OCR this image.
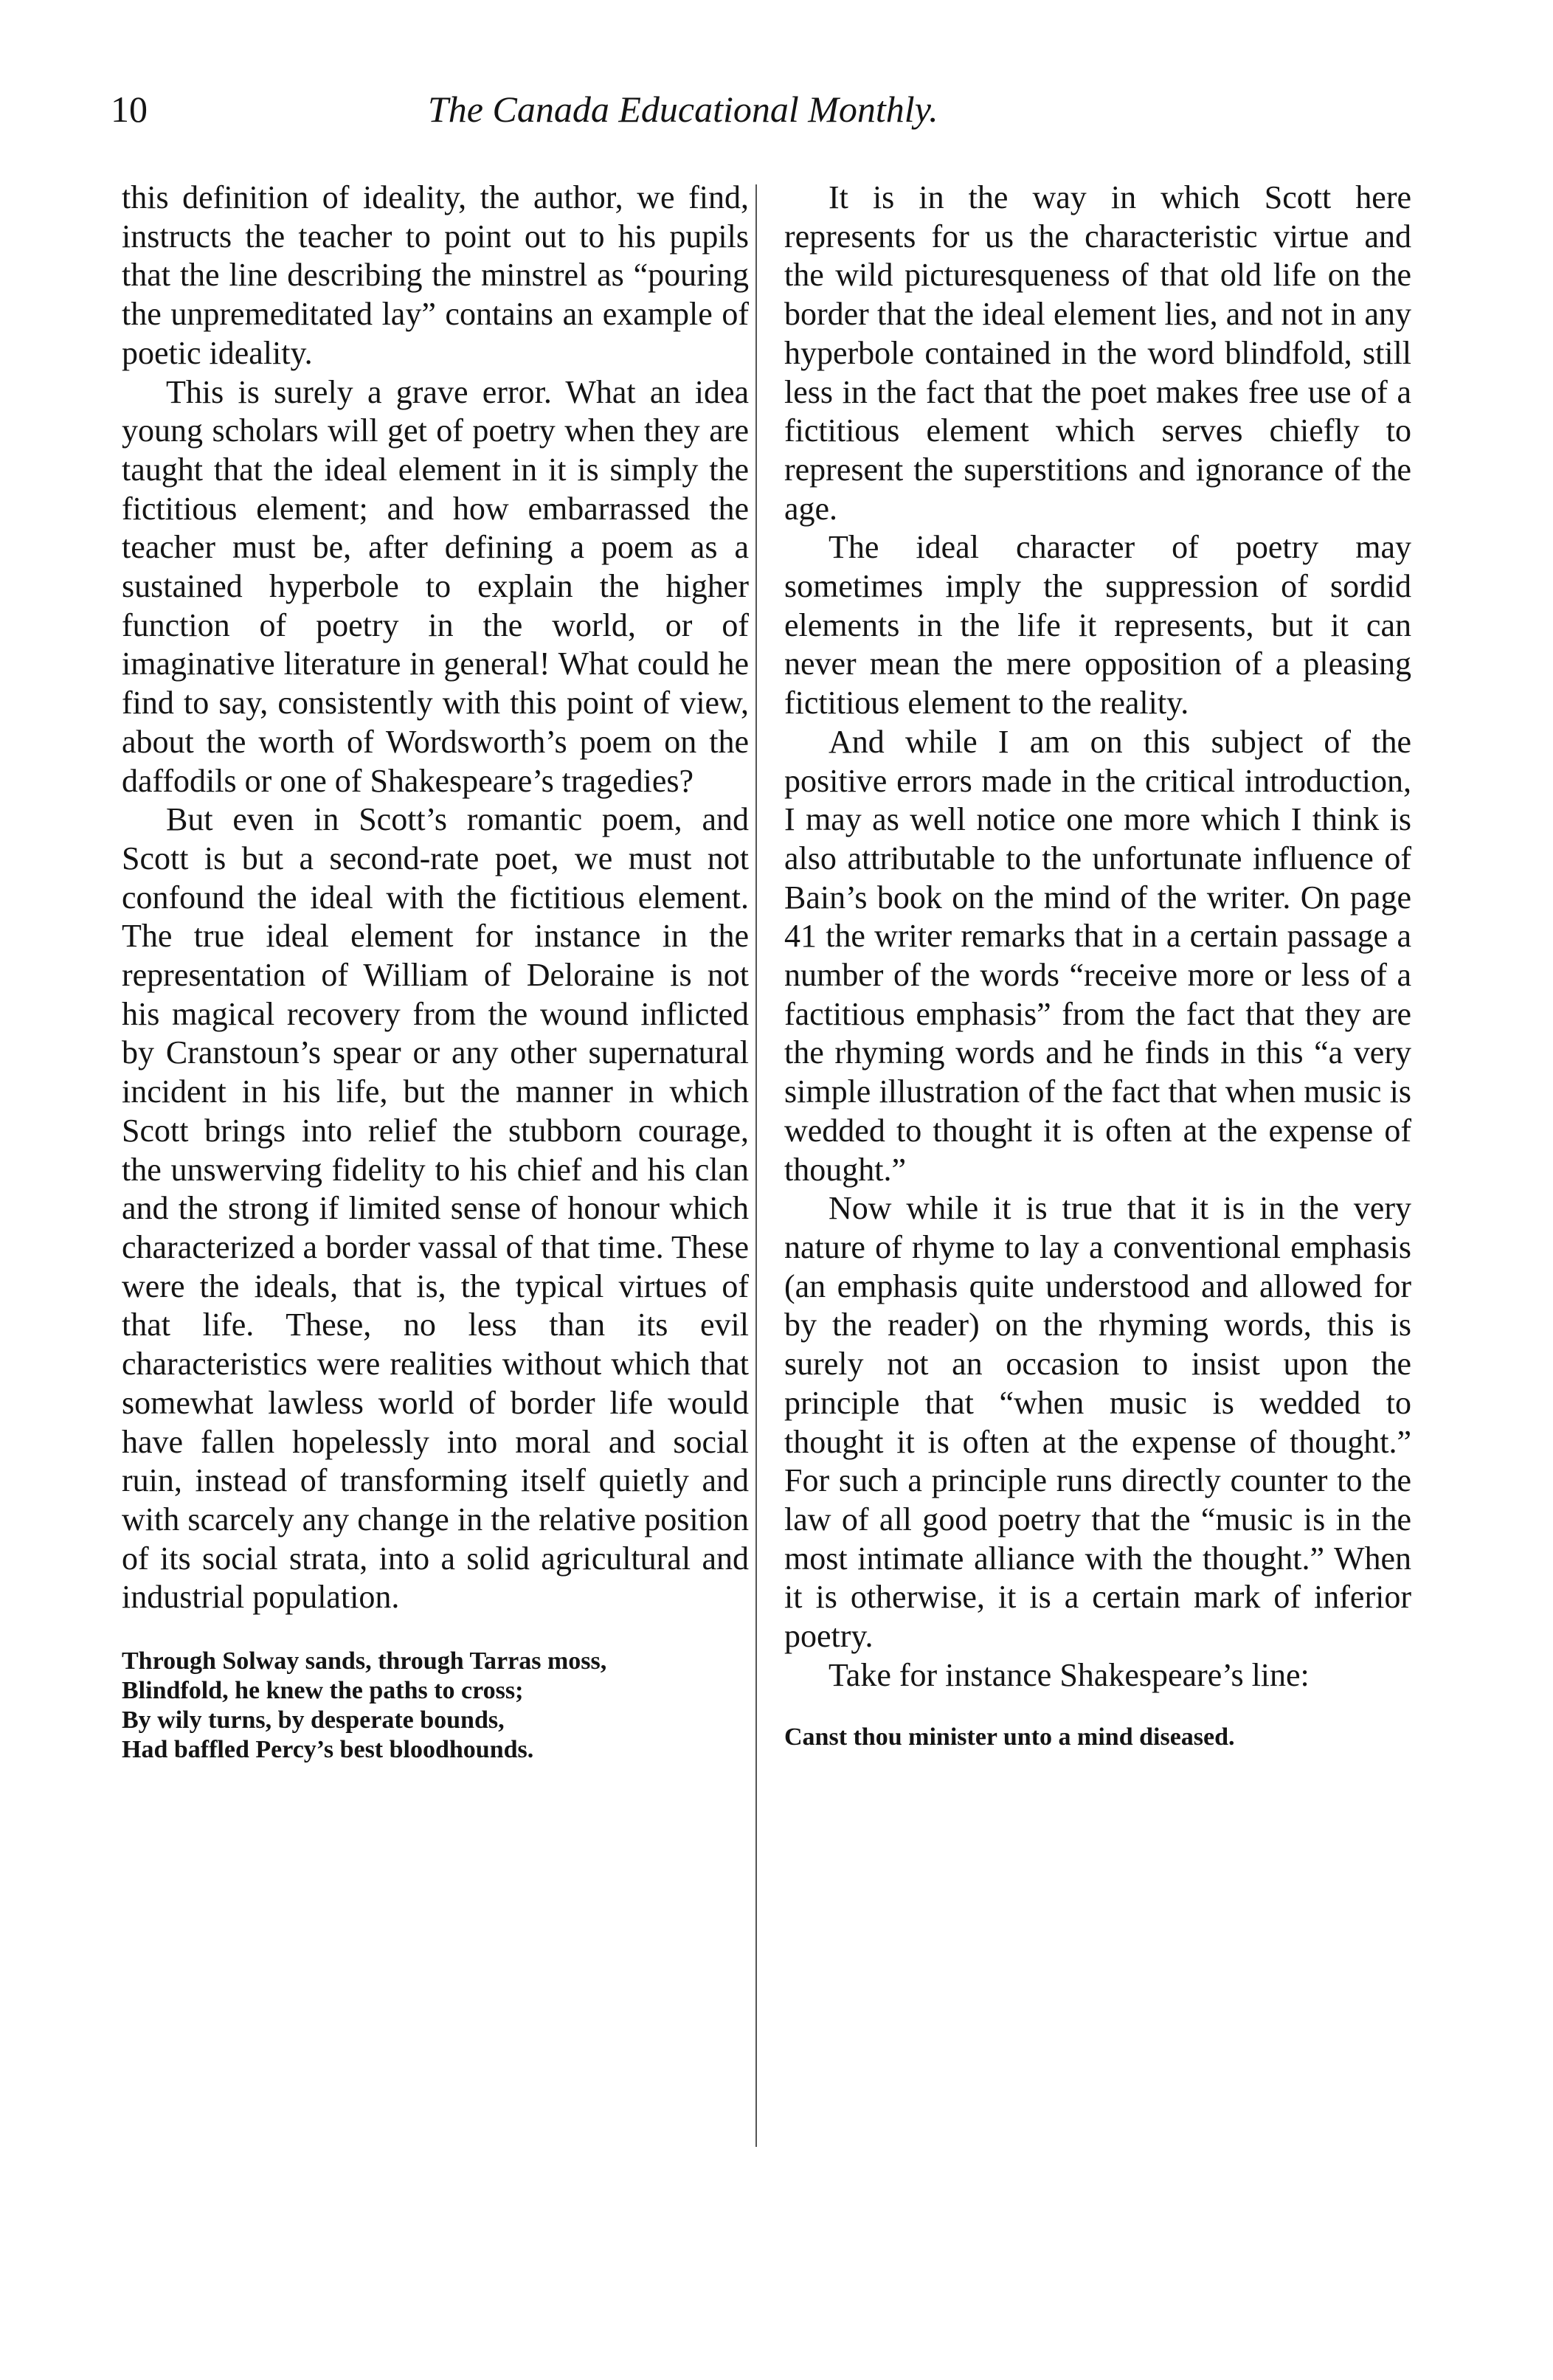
10	The Canada Educational Monthly.

this definition of ideality, the author, we find, instructs the teacher to point out to his pupils that the line describing the minstrel as “pouring the unpremeditated lay” contains an example of poetic ideality.

This is surely a grave error. What an idea young scholars will get of poetry when they are taught that the ideal element in it is simply the fictitious element; and how embarrassed the teacher must be, after defining a poem as a sustained hyperbole to explain the higher function of poetry in the world, or of imaginative literature in general! What could he find to say, consistently with this point of view, about the worth of Wordsworth’s poem on the daffodils or one of Shakespeare’s tragedies?

But even in Scott’s romantic poem, and Scott is but a second-rate poet, we must not confound the ideal with the fictitious element. The true ideal element for instance in the representation of William of Deloraine is not his magical recovery from the wound inflicted by Cranstoun’s spear or any other supernatural incident in his life, but the manner in which Scott brings into relief the stubborn courage, the unswerving fidelity to his chief and his clan and the strong if limited sense of honour which characterized a border vassal of that time. These were the ideals, that is, the typical virtues of that life. These, no less than its evil characteristics were realities without which that somewhat lawless world of border life would have fallen hopelessly into moral and social ruin, instead of transforming itself quietly and with scarcely any change in the relative position of its social strata, into a solid agricultural and industrial population.

Through Solway sands, through Tarras moss,
Blindfold, he knew the paths to cross;
By wily turns, by desperate bounds,
Had baffled Percy’s best bloodhounds.

It is in the way in which Scott here represents for us the characteristic virtue and the wild picturesqueness of that old life on the border that the ideal element lies, and not in any hyperbole contained in the word blindfold, still less in the fact that the poet makes free use of a fictitious element which serves chiefly to represent the superstitions and ignorance of the age.

The ideal character of poetry may sometimes imply the suppression of sordid elements in the life it represents, but it can never mean the mere opposition of a pleasing fictitious element to the reality.

And while I am on this subject of the positive errors made in the critical introduction, I may as well notice one more which I think is also attributable to the unfortunate influence of Bain’s book on the mind of the writer. On page 41 the writer remarks that in a certain passage a number of the words “receive more or less of a factitious emphasis” from the fact that they are the rhyming words and he finds in this “a very simple illustration of the fact that when music is wedded to thought it is often at the expense of thought.”

Now while it is true that it is in the very nature of rhyme to lay a conventional emphasis (an emphasis quite understood and allowed for by the reader) on the rhyming words, this is surely not an occasion to insist upon the principle that “when music is wedded to thought it is often at the expense of thought.” For such a principle runs directly counter to the law of all good poetry that the “music is in the most intimate alliance with the thought.” When it is otherwise, it is a certain mark of inferior poetry.

Take for instance Shakespeare’s line:

Canst thou minister unto a mind diseased.
